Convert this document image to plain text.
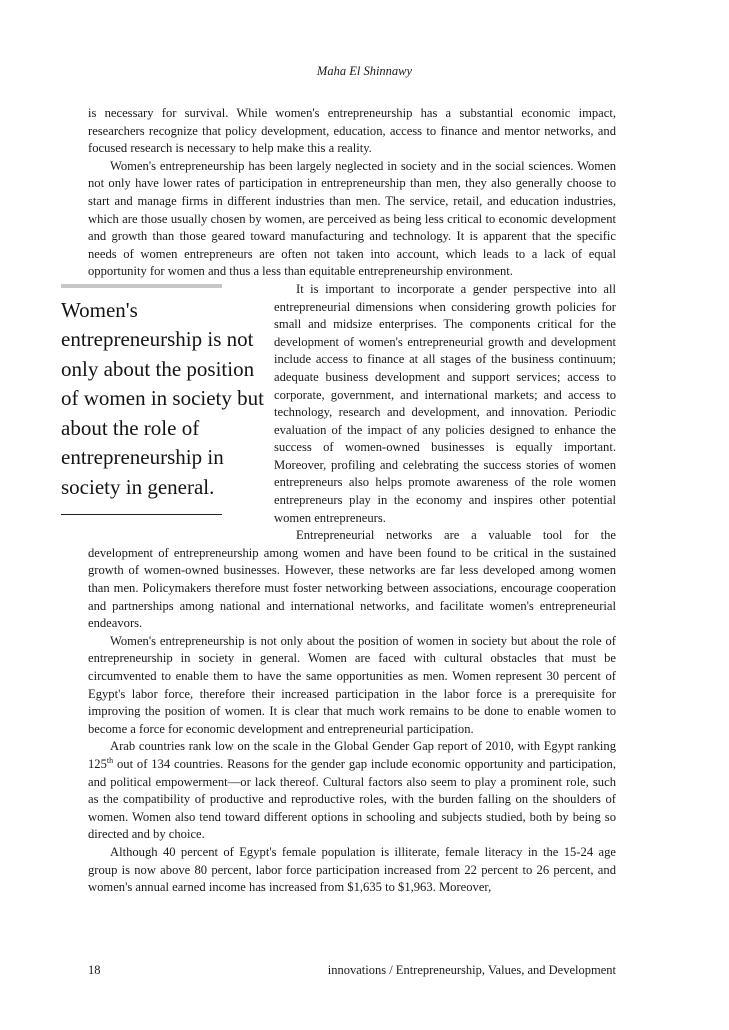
Maha El Shinnawy

is necessary for survival. While women's entrepreneurship has a substantial economic impact, researchers recognize that policy development, education, access to finance and mentor networks, and focused research is necessary to help make this a reality.

Women's entrepreneurship has been largely neglected in society and in the social sciences. Women not only have lower rates of participation in entrepreneurship than men, they also generally choose to start and manage firms in different industries than men. The service, retail, and education industries, which are those usually chosen by women, are perceived as being less critical to economic development and growth than those geared toward manufacturing and technology. It is apparent that the specific needs of women entrepreneurs are often not taken into account, which leads to a lack of equal opportunity for women and thus a less than equitable entrepreneurship environment.

Women's entrepreneurship is not only about the position of women in society but about the role of entrepreneurship in society in general.

It is important to incorporate a gender perspective into all entrepreneurial dimensions when considering growth policies for small and midsize enterprises. The components critical for the development of women's entrepreneurial growth and development include access to finance at all stages of the business continuum; adequate business development and support services; access to corporate, government, and international markets; and access to technology, research and development, and innovation. Periodic evaluation of the impact of any policies designed to enhance the success of women-owned businesses is equally important. Moreover, profiling and celebrating the success stories of women entrepreneurs also helps promote awareness of the role women entrepreneurs play in the economy and inspires other potential women entrepreneurs.

Entrepreneurial networks are a valuable tool for the development of entrepreneurship among women and have been found to be critical in the sustained growth of women-owned businesses. However, these networks are far less developed among women than men. Policymakers therefore must foster networking between associations, encourage cooperation and partnerships among national and international networks, and facilitate women's entrepreneurial endeavors.

Women's entrepreneurship is not only about the position of women in society but about the role of entrepreneurship in society in general. Women are faced with cultural obstacles that must be circumvented to enable them to have the same opportunities as men. Women represent 30 percent of Egypt's labor force, therefore their increased participation in the labor force is a prerequisite for improving the position of women. It is clear that much work remains to be done to enable women to become a force for economic development and entrepreneurial participation.

Arab countries rank low on the scale in the Global Gender Gap report of 2010, with Egypt ranking 125th out of 134 countries. Reasons for the gender gap include economic opportunity and participation, and political empowerment—or lack thereof. Cultural factors also seem to play a prominent role, such as the compatibility of productive and reproductive roles, with the burden falling on the shoulders of women. Women also tend toward different options in schooling and subjects studied, both by being so directed and by choice.

Although 40 percent of Egypt's female population is illiterate, female literacy in the 15-24 age group is now above 80 percent, labor force participation increased from 22 percent to 26 percent, and women's annual earned income has increased from $1,635 to $1,963. Moreover,

18	innovations / Entrepreneurship, Values, and Development
